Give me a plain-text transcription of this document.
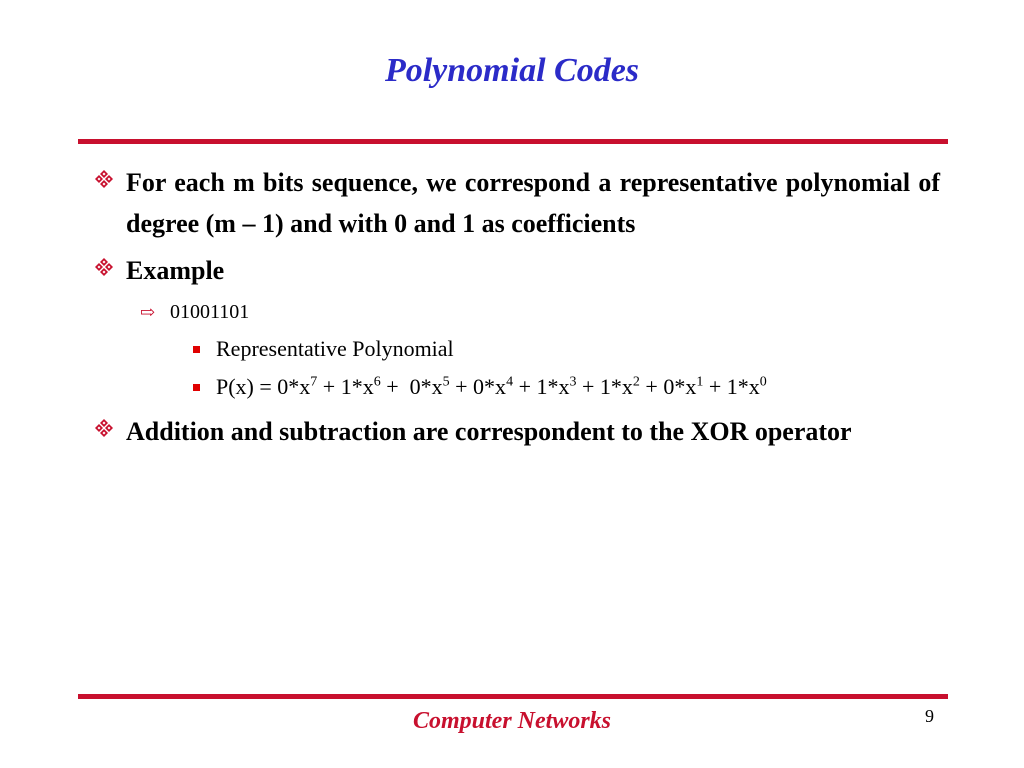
Polynomial Codes
For each m bits sequence, we correspond a representative polynomial of degree (m – 1) and with 0 and 1 as coefficients
Example
⇨ 01001101
Representative Polynomial
$P(x) = 0*x^7 + 1*x^6 + 0*x^5 + 0*x^4 + 1*x^3 + 1*x^2 + 0*x^1 + 1*x^0$
Addition and subtraction are correspondent to the XOR operator
Computer Networks	9
